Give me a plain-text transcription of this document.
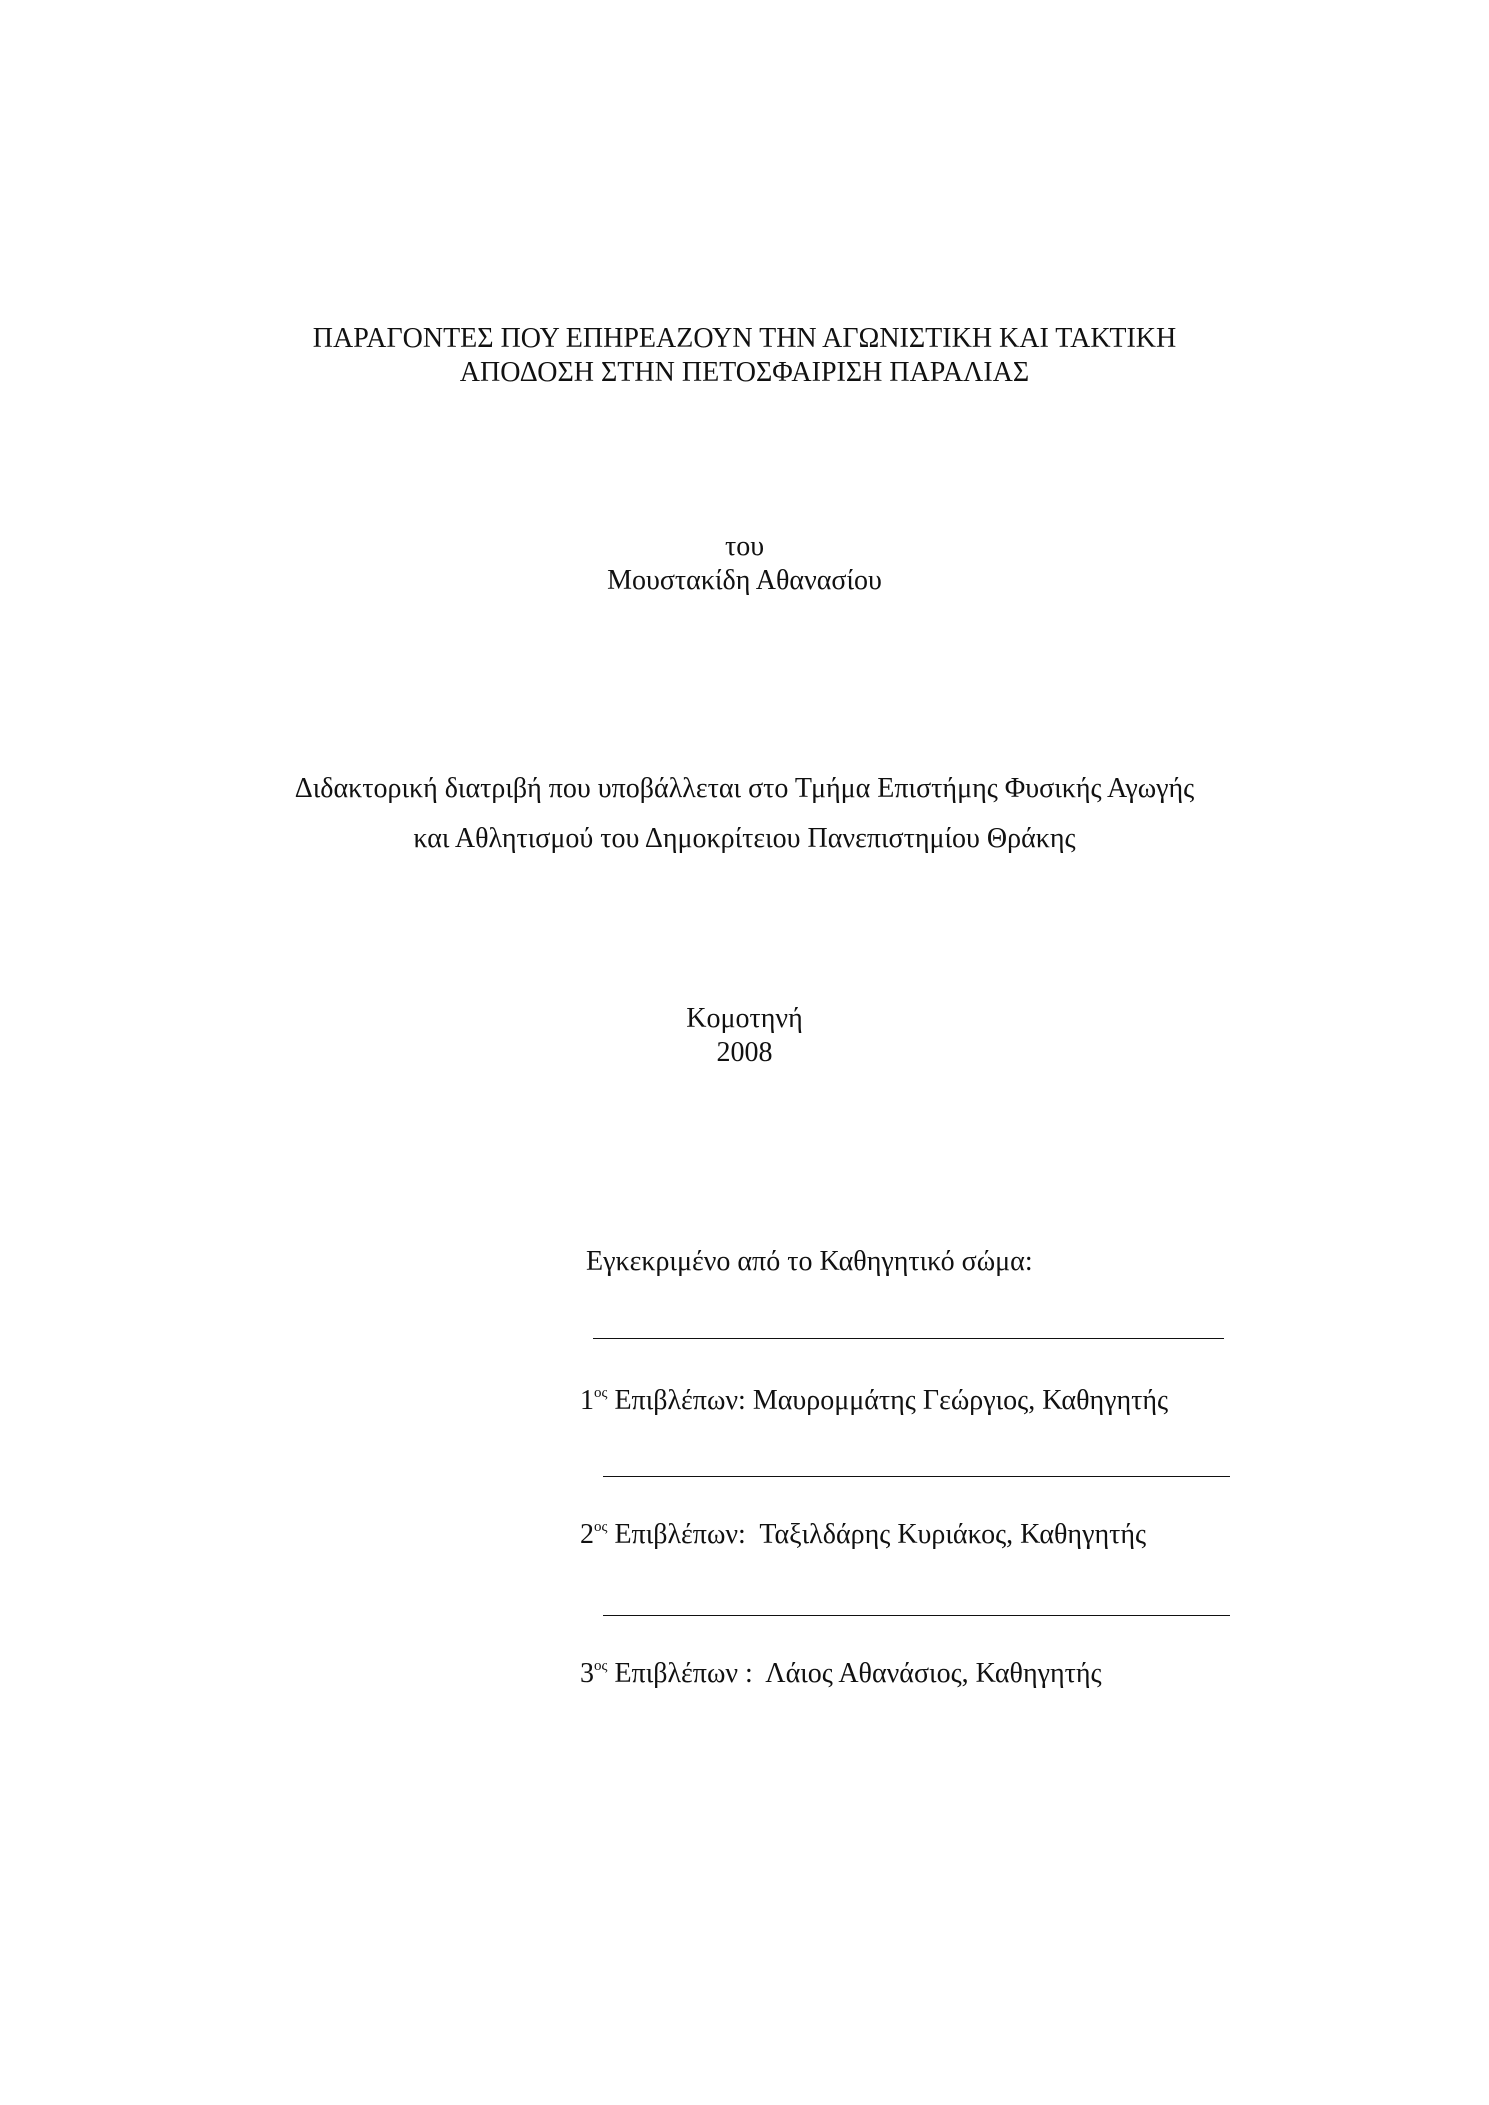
ΠΑΡΑΓΟΝΤΕΣ ΠΟΥ ΕΠΗΡΕΑΖΟΥΝ ΤΗΝ ΑΓΩΝΙΣΤΙΚΗ ΚΑΙ ΤΑΚΤΙΚΗ
ΑΠΟΔΟΣΗ ΣΤΗΝ ΠΕΤΟΣΦΑΙΡΙΣΗ ΠΑΡΑΛΙΑΣ
του
Μουστακίδη Αθανασίου
Διδακτορική διατριβή που υποβάλλεται στο Τμήμα Επιστήμης Φυσικής Αγωγής
και Αθλητισμού του Δημοκρίτειου Πανεπιστημίου Θράκης
Κομοτηνή
2008
Εγκεκριμένο από το Καθηγητικό σώμα:
$1^{o\varsigma}$ Επιβλέπων: Μαυρομμάτης Γεώργιος, Καθηγητής
$2^{o\varsigma}$ Επιβλέπων:  Ταξιλδάρης Κυριάκος, Καθηγητής
$3^{o\varsigma}$ Επιβλέπων :  Λάιος Αθανάσιος, Καθηγητής
